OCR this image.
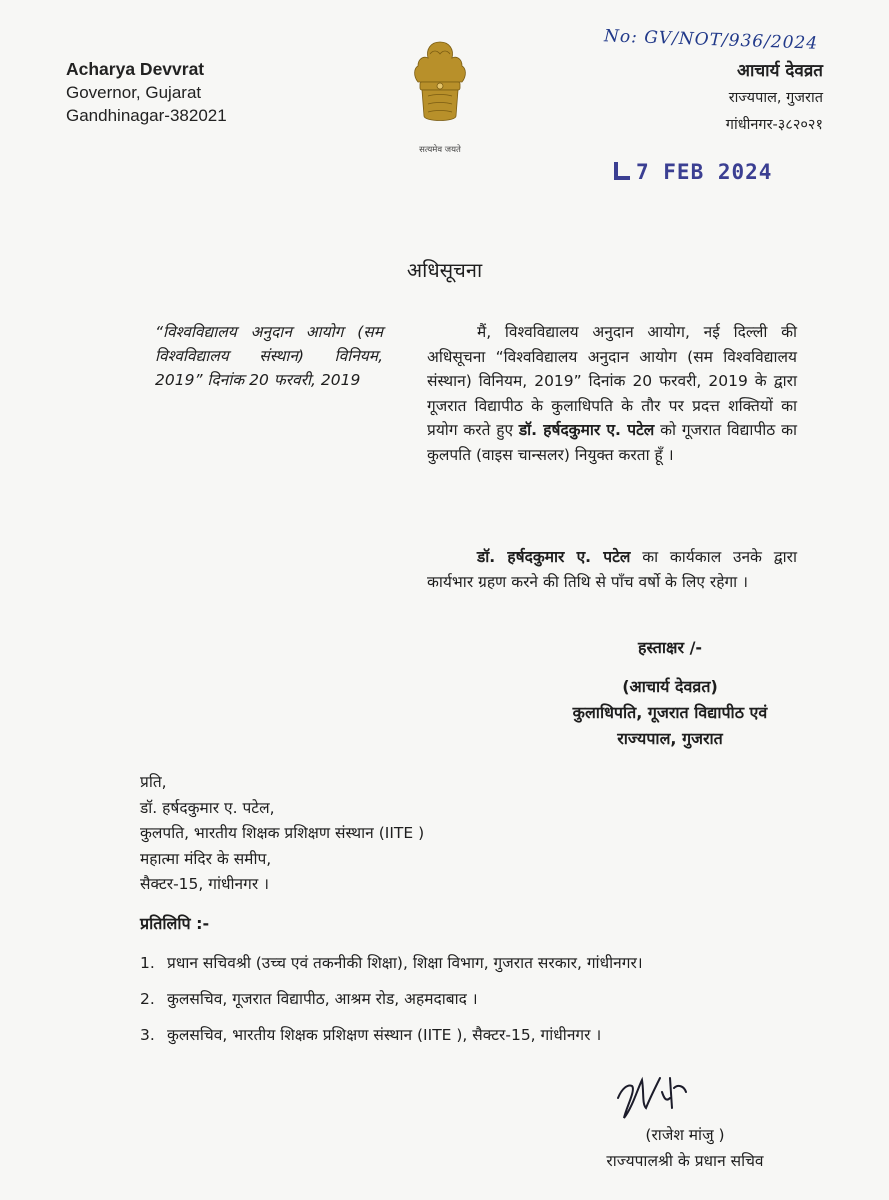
Acharya Devvrat
Governor, Gujarat
Gandhinagar-382021
सत्यमेव जयते
No: GV/NOT/936/2024
आचार्य देवव्रत
राज्यपाल, गुजरात
गांधीनगर-३८२०२१
7 FEB 2024
अधिसूचना
“विश्वविद्यालय अनुदान आयोग (सम विश्वविद्यालय संस्थान) विनियम, 2019” दिनांक 20 फरवरी, 2019
मैं, विश्वविद्यालय अनुदान आयोग, नई दिल्ली की अधिसूचना “विश्वविद्यालय अनुदान आयोग (सम विश्वविद्यालय संस्थान) विनियम, 2019” दिनांक 20 फरवरी, 2019 के द्वारा गूजरात विद्यापीठ के कुलाधिपति के तौर पर प्रदत्त शक्तियों का प्रयोग करते हुए डॉ. हर्षदकुमार ए. पटेल को गूजरात विद्यापीठ का कुलपति (वाइस चान्सलर) नियुक्त करता हूँ ।
डॉ. हर्षदकुमार ए. पटेल का कार्यकाल उनके द्वारा कार्यभार ग्रहण करने की तिथि से पाँच वर्षो के लिए रहेगा ।
हस्ताक्षर /-
(आचार्य देवव्रत)
कुलाधिपति, गूजरात विद्यापीठ एवं
राज्यपाल, गुजरात
प्रति,
डॉ. हर्षदकुमार ए. पटेल,
कुलपति, भारतीय शिक्षक प्रशिक्षण संस्थान (IITE )
महात्मा मंदिर के समीप,
सैक्टर-15, गांधीनगर ।
प्रतिलिपि :-
1. प्रधान सचिवश्री (उच्च एवं तकनीकी शिक्षा), शिक्षा विभाग, गुजरात सरकार, गांधीनगर।
2. कुलसचिव, गूजरात विद्यापीठ, आश्रम रोड, अहमदाबाद ।
3. कुलसचिव, भारतीय शिक्षक प्रशिक्षण संस्थान (IITE ), सैक्टर-15, गांधीनगर ।
(राजेश मांजु )
राज्यपालश्री के प्रधान सचिव
